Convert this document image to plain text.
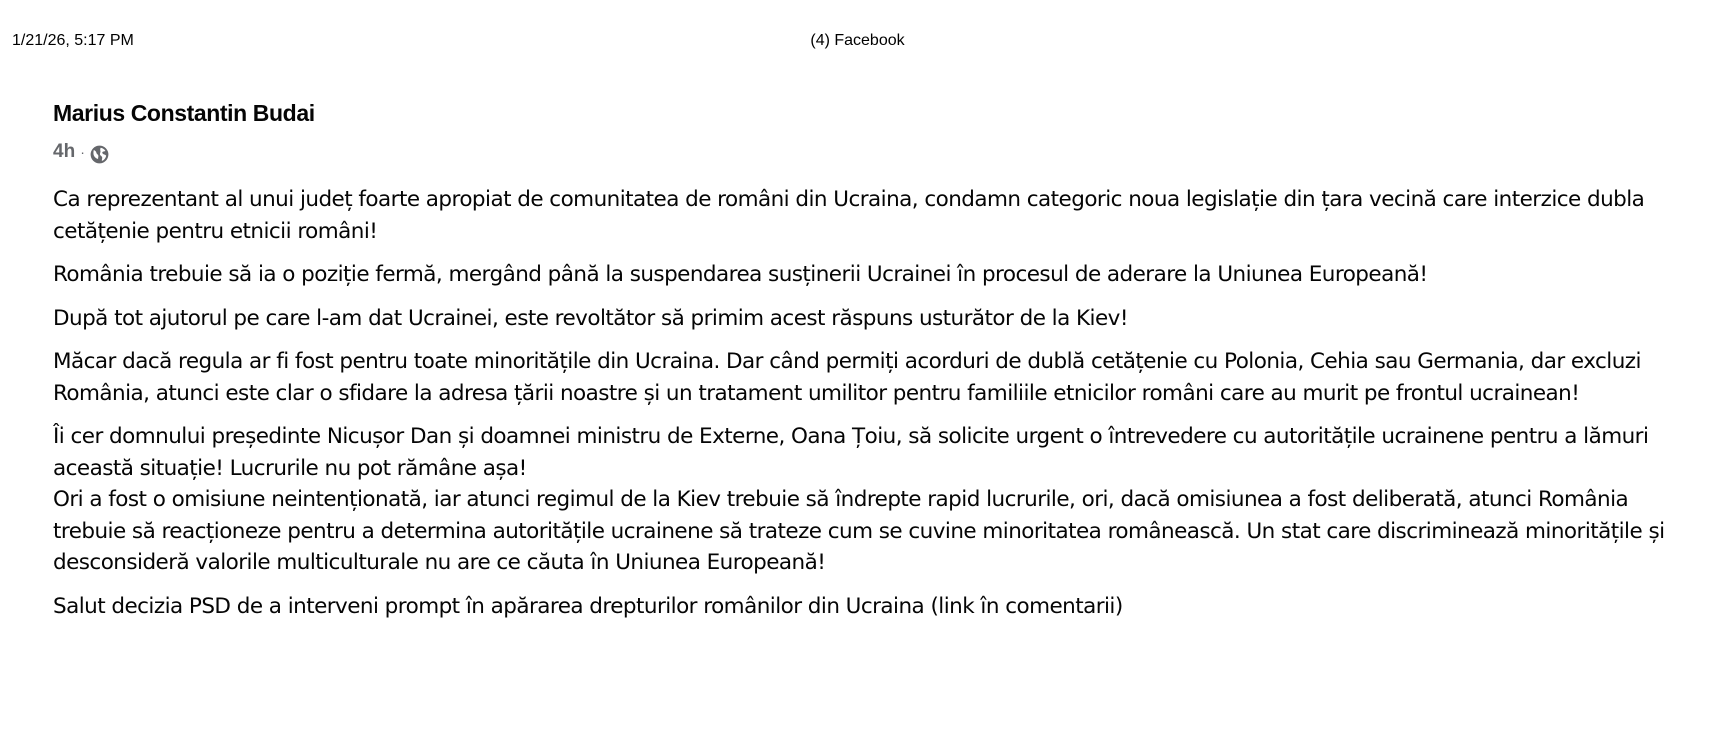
1/21/26, 5:17 PM	(4) Facebook
Marius Constantin Budai
4h ·

Ca reprezentant al unui județ foarte apropiat de comunitatea de români din Ucraina, condamn categoric noua legislație din țara vecină care interzice dubla cetățenie pentru etnicii români!

România trebuie să ia o poziție fermă, mergând până la suspendarea susținerii Ucrainei în procesul de aderare la Uniunea Europeană!

După tot ajutorul pe care l-am dat Ucrainei, este revoltător să primim acest răspuns usturător de la Kiev!

Măcar dacă regula ar fi fost pentru toate minoritățile din Ucraina. Dar când permiți acorduri de dublă cetățenie cu Polonia, Cehia sau Germania, dar excluzi România, atunci este clar o sfidare la adresa țării noastre și un tratament umilitor pentru familiile etnicilor români care au murit pe frontul ucrainean!

Îi cer domnului președinte Nicușor Dan și doamnei ministru de Externe, Oana Țoiu, să solicite urgent o întrevedere cu autoritățile ucrainene pentru a lămuri această situație! Lucrurile nu pot rămâne așa!

Ori a fost o omisiune neintenționată, iar atunci regimul de la Kiev trebuie să îndrepte rapid lucrurile, ori, dacă omisiunea a fost deliberată, atunci România trebuie să reacționeze pentru a determina autoritățile ucrainene să trateze cum se cuvine minoritatea românească. Un stat care discriminează minoritățile și desconsideră valorile multiculturale nu are ce căuta în Uniunea Europeană!

Salut decizia PSD de a interveni prompt în apărarea drepturilor românilor din Ucraina (link în comentarii)
